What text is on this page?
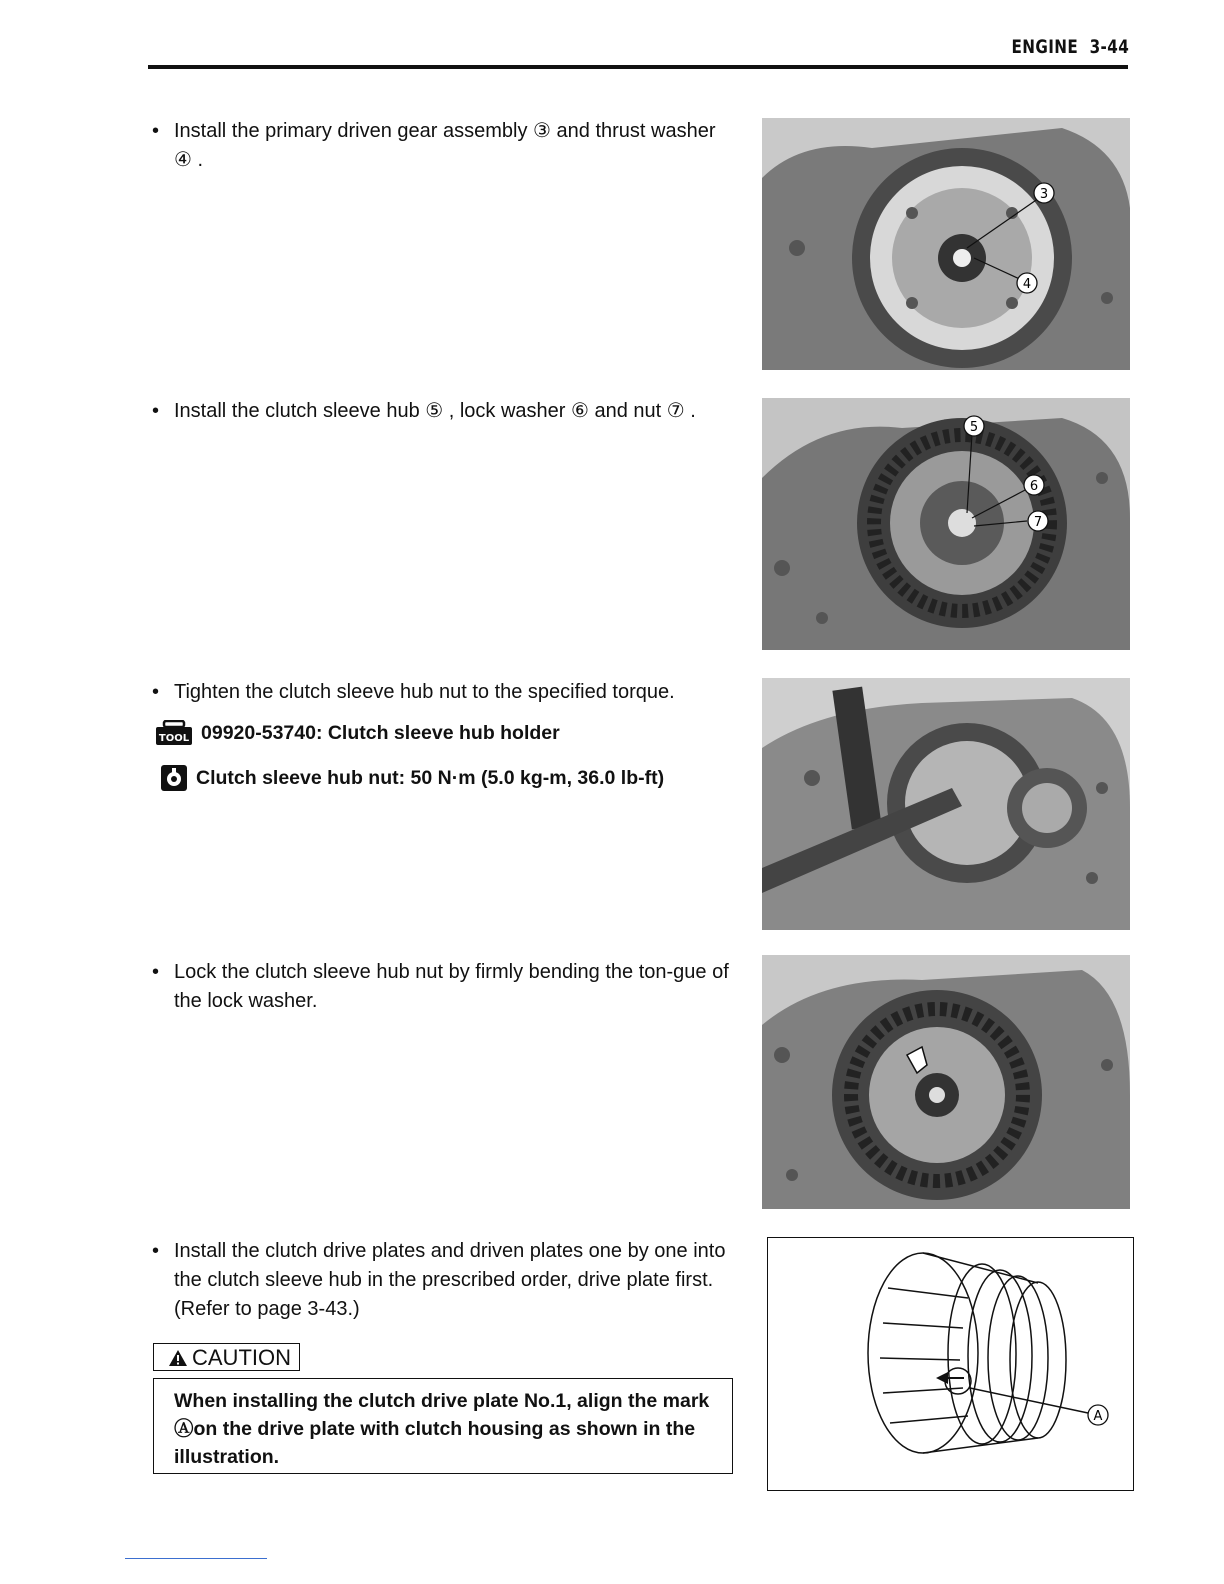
ENGINE 3-44
• Install the primary driven gear assembly ③ and thrust washer ④ .
• Install the clutch sleeve hub ⑤ , lock washer ⑥ and nut ⑦ .
• Tighten the clutch sleeve hub nut to the specified torque.
TOOL 09920-53740: Clutch sleeve hub holder
Clutch sleeve hub nut: 50 N·m (5.0 kg-m, 36.0 lb-ft)
• Lock the clutch sleeve hub nut by firmly bending the ton-gue of the lock washer.
• Install the clutch drive plates and driven plates one by one into the clutch sleeve hub in the prescribed order, drive plate first. (Refer to page 3-43.)
CAUTION
When installing the clutch drive plate No.1, align the mark Ⓐon the drive plate with clutch housing as shown in the illustration.
3
4
5
6
7
A
